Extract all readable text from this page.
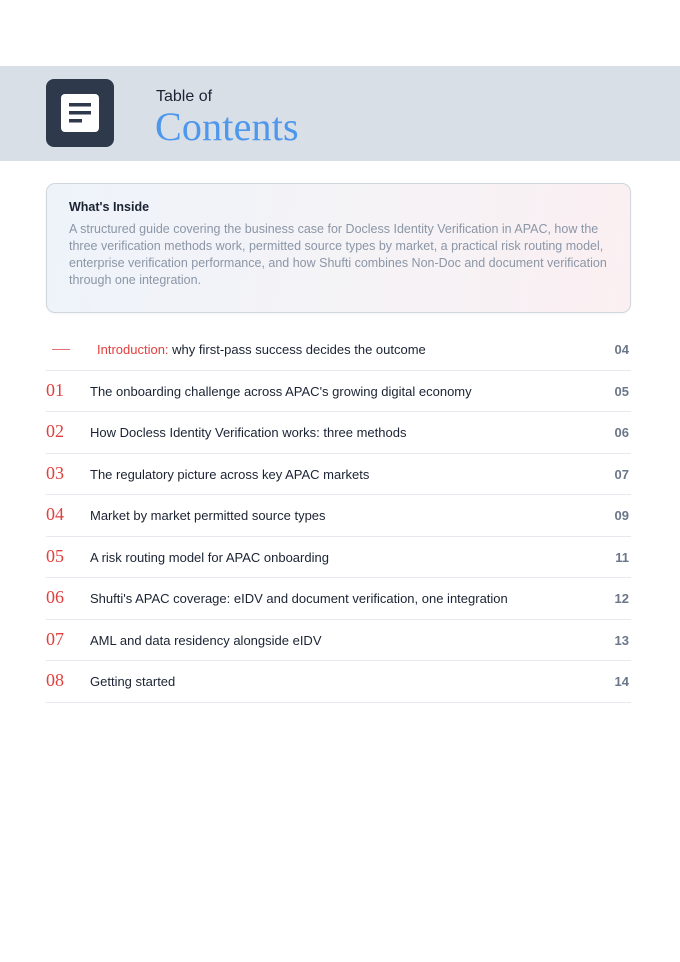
Table of
Contents
What's Inside
A structured guide covering the business case for Docless Identity Verification in APAC, how the three verification methods work, permitted source types by market, a practical risk routing model, enterprise verification performance, and how Shufti combines Non-Doc and document verification through one integration.
Introduction: why first-pass success decides the outcome	04
01 The onboarding challenge across APAC's growing digital economy	05
02 How Docless Identity Verification works: three methods	06
03 The regulatory picture across key APAC markets	07
04 Market by market permitted source types	09
05 A risk routing model for APAC onboarding	11
06 Shufti's APAC coverage: eIDV and document verification, one integration	12
07 AML and data residency alongside eIDV	13
08 Getting started	14
